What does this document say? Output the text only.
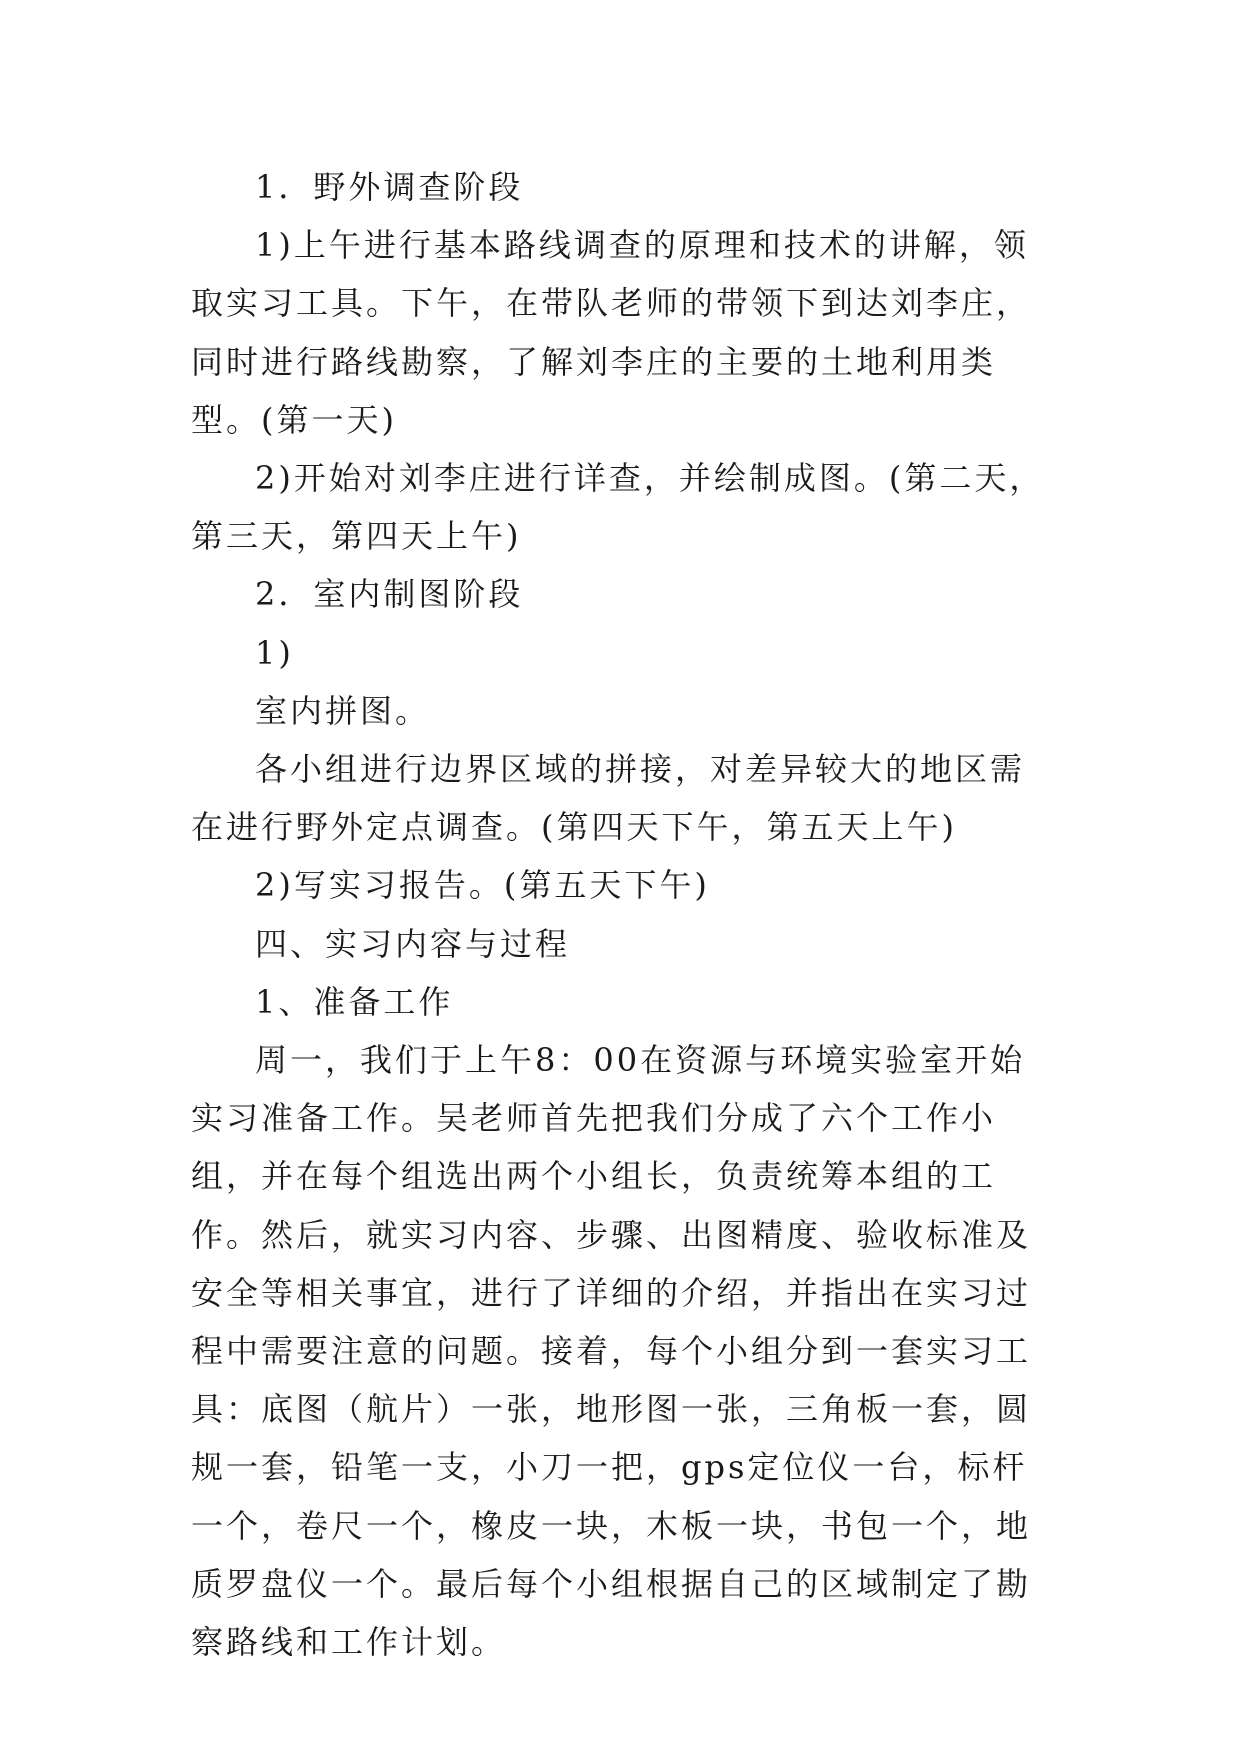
1．野外调查阶段

1)上午进行基本路线调查的原理和技术的讲解，领取实习工具。下午，在带队老师的带领下到达刘李庄，同时进行路线勘察，了解刘李庄的主要的土地利用类型。(第一天)

2)开始对刘李庄进行详查，并绘制成图。(第二天，第三天，第四天上午)

2．室内制图阶段

1)

室内拼图。

各小组进行边界区域的拼接，对差异较大的地区需在进行野外定点调查。(第四天下午，第五天上午)

2)写实习报告。(第五天下午)

四、实习内容与过程

1、准备工作

周一，我们于上午8：00在资源与环境实验室开始实习准备工作。吴老师首先把我们分成了六个工作小组，并在每个组选出两个小组长，负责统筹本组的工作。然后，就实习内容、步骤、出图精度、验收标准及安全等相关事宜，进行了详细的介绍，并指出在实习过程中需要注意的问题。接着，每个小组分到一套实习工具：底图（航片）一张，地形图一张，三角板一套，圆规一套，铅笔一支，小刀一把，gps定位仪一台，标杆一个，卷尺一个，橡皮一块，木板一块，书包一个，地质罗盘仪一个。最后每个小组根据自己的区域制定了勘察路线和工作计划。
